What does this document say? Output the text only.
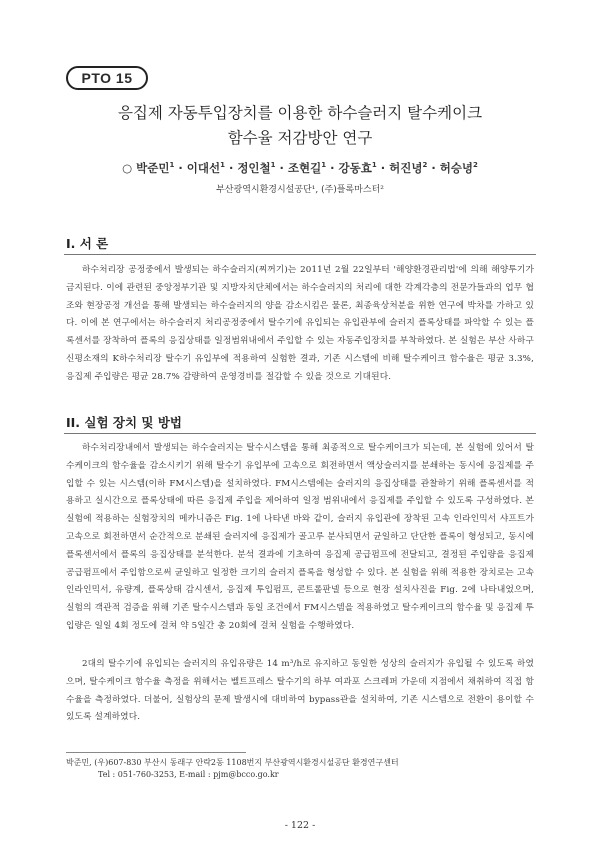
PTO 15
응집제 자동투입장치를 이용한 하수슬러지 탈수케이크
함수율 저감방안 연구
○ 박준민$^1$ · 이대선$^1$ · 정인철$^1$ · 조현길$^1$ · 강동효$^1$ · 허진녕$^2$ · 허승녕$^2$
부산광역시환경시설공단¹, (주)플록마스터²
I. 서 론

하수처리장 공정중에서 발생되는 하수슬러지(찌꺼기)는 2011년 2월 22일부터 '해양환경관리법'에 의해 해양투기가 금지된다. 이에 관련된 중앙정부기관 및 지방자치단체에서는 하수슬러지의 처리에 대한 각계각층의 전문가들과의 업무 협조와 현장공정 개선을 통해 발생되는 하수슬러지의 양을 감소시킴은 물론, 최종육상처분을 위한 연구에 박차를 가하고 있다. 이에 본 연구에서는 하수슬러지 처리공정중에서 탈수기에 유입되는 유입관부에 슬러지 플록상태를 파악할 수 있는 플록센서를 장착하여 플록의 응집상태를 일정범위내에서 주입할 수 있는 자동주입장치를 부착하였다. 본 실험은 부산 사하구 신평소재의 K하수처리장 탈수기 유입부에 적용하여 실험한 결과, 기존 시스템에 비해 탈수케이크 함수율은 평균 3.3%, 응집제 주입량은 평균 28.7% 감량하여 운영경비를 절감할 수 있을 것으로 기대된다.

II. 실험 장치 및 방법

하수처리장내에서 발생되는 하수슬러지는 탈수시스템을 통해 최종적으로 탈수케이크가 되는데, 본 실험에 있어서 탈수케이크의 함수율을 감소시키기 위해 탈수기 유입부에 고속으로 회전하면서 액상슬러지를 분쇄하는 동시에 응집제를 주입할 수 있는 시스템(이하 FM시스템)을 설치하였다. FM시스템에는 슬러지의 응집상태를 관찰하기 위해 플록센서를 적용하고 실시간으로 플록상태에 따른 응집제 주입을 제어하여 일정 범위내에서 응집제를 주입할 수 있도록 구성하였다. 본 실험에 적용하는 실험장치의 메카니즘은 Fig. 1에 나타낸 바와 같이, 슬러지 유입관에 장착된 고속 인라인믹서 샤프트가 고속으로 회전하면서 순간적으로 분쇄된 슬러지에 응집제가 골고루 분사되면서 균일하고 단단한 플록이 형성되고, 동시에 플록센서에서 플록의 응집상태를 분석한다. 분석 결과에 기초하여 응집제 공급펌프에 전달되고, 결정된 주입량을 응집제 공급펌프에서 주입함으로써 균일하고 일정한 크기의 슬러지 플록을 형성할 수 있다. 본 실험을 위해 적용한 장치로는 고속 인라인믹서, 유량계, 플록상태 감시센서, 응집제 투입펌프, 콘트롤판넬 등으로 현장 설치사진을 Fig. 2에 나타내었으며, 실험의 객관적 검증을 위해 기존 탈수시스템과 동일 조건에서 FM시스템을 적용하였고 탈수케이크의 함수율 및 응집제 투입량은 일일 4회 정도에 걸쳐 약 5일간 총 20회에 걸쳐 실험을 수행하였다.

2대의 탈수기에 유입되는 슬러지의 유입유량은 14 m³/h로 유지하고 동일한 성상의 슬러지가 유입될 수 있도록 하였으며, 탈수케이크 함수율 측정을 위해서는 벨트프레스 탈수기의 하부 여과포 스크레퍼 가운데 지점에서 채취하여 직접 함수율을 측정하였다. 더불어, 실험상의 문제 발생시에 대비하여 bypass관을 설치하여, 기존 시스템으로 전환이 용이할 수 있도록 설계하였다.

박준민, (우)607-830 부산시 동래구 안락2동 1108번지 부산광역시환경시설공단 환경연구센터
Tel : 051-760-3253, E-mail : pjm@bcco.go.kr
- 122 -
